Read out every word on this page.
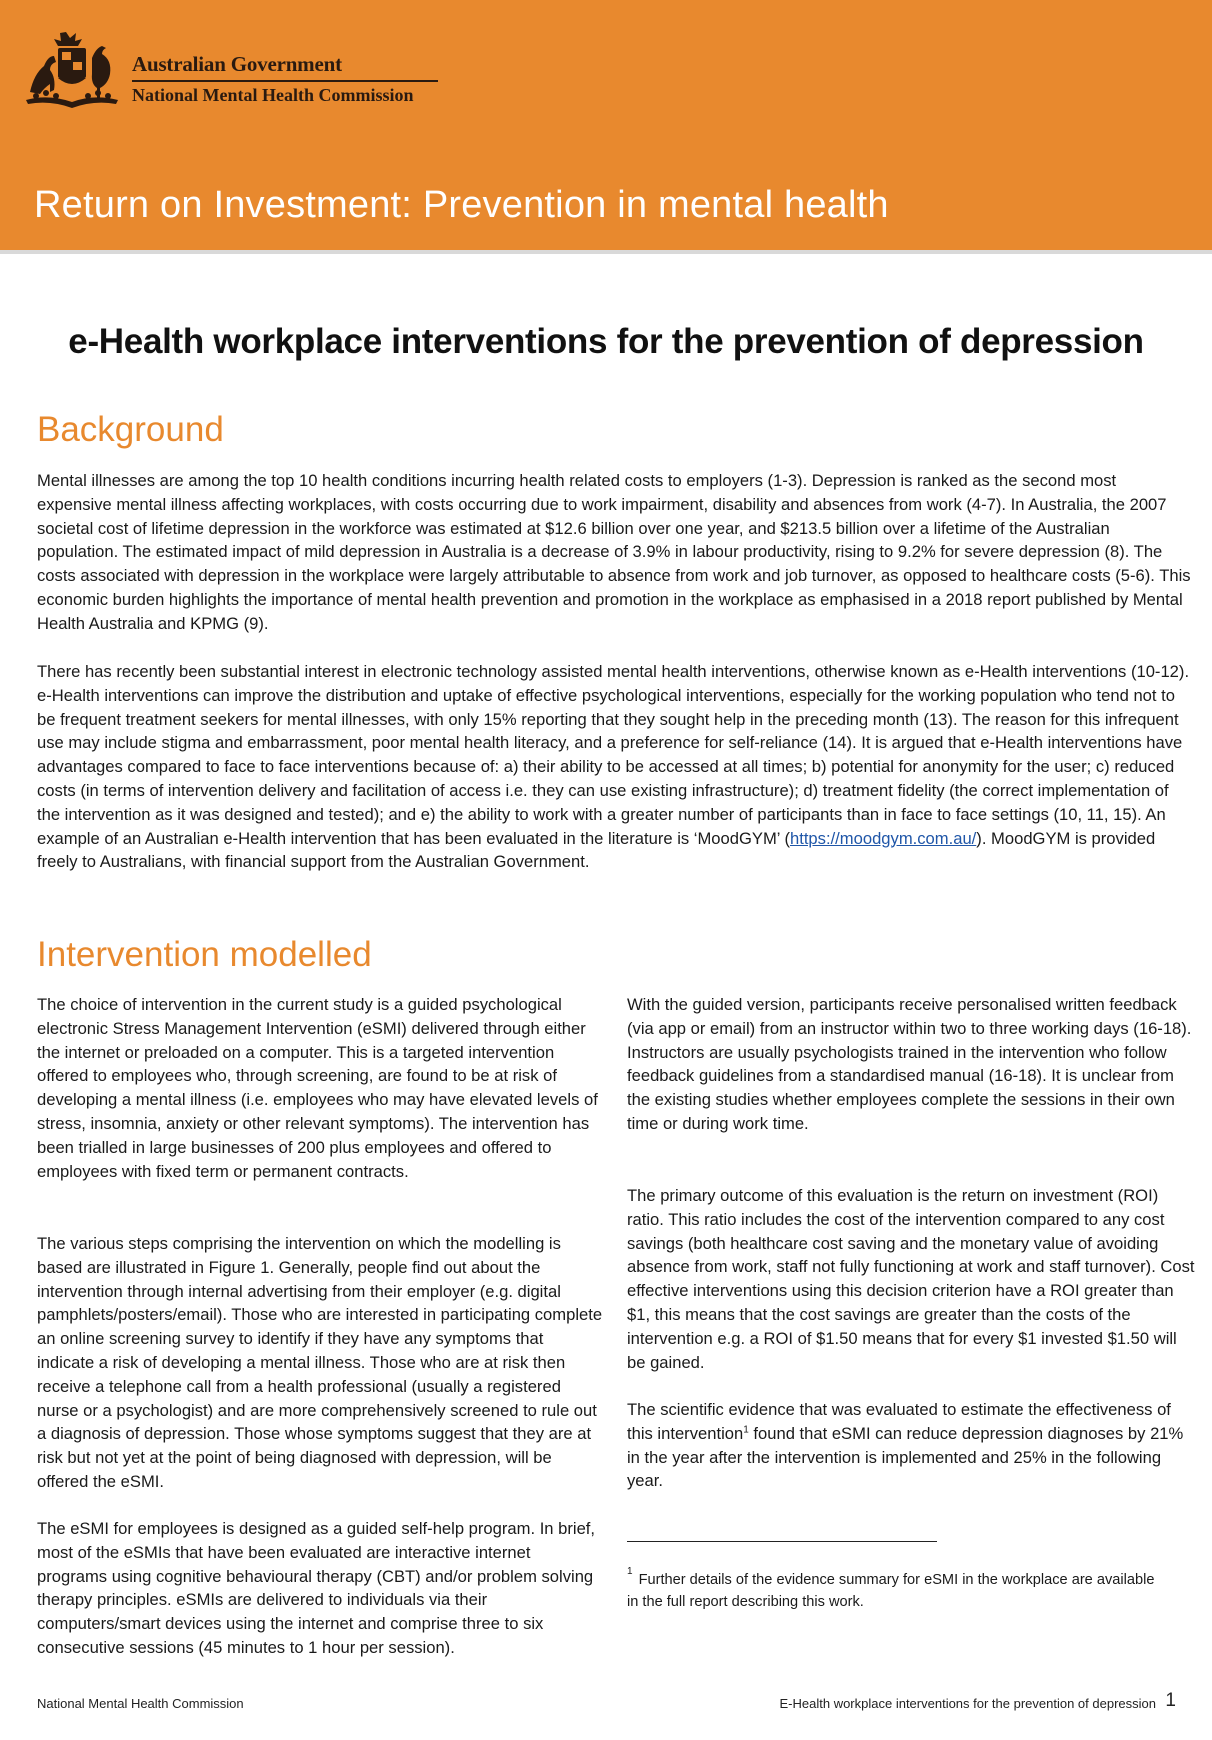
Australian Government
National Mental Health Commission
Return on Investment: Prevention in mental health
e-Health workplace interventions for the prevention of depression
Background

Mental illnesses are among the top 10 health conditions incurring health related costs to employers (1-3). Depression is ranked as the second most expensive mental illness affecting workplaces, with costs occurring due to work impairment, disability and absences from work (4-7). In Australia, the 2007 societal cost of lifetime depression in the workforce was estimated at $12.6 billion over one year, and $213.5 billion over a lifetime of the Australian population. The estimated impact of mild depression in Australia is a decrease of 3.9% in labour productivity, rising to 9.2% for severe depression (8). The costs associated with depression in the workplace were largely attributable to absence from work and job turnover, as opposed to healthcare costs (5-6). This economic burden highlights the importance of mental health prevention and promotion in the workplace as emphasised in a 2018 report published by Mental Health Australia and KPMG (9).

There has recently been substantial interest in electronic technology assisted mental health interventions, otherwise known as e-Health interventions (10-12). e-Health interventions can improve the distribution and uptake of effective psychological interventions, especially for the working population who tend not to be frequent treatment seekers for mental illnesses, with only 15% reporting that they sought help in the preceding month (13). The reason for this infrequent use may include stigma and embarrassment, poor mental health literacy, and a preference for self-reliance (14). It is argued that e-Health interventions have advantages compared to face to face interventions because of: a) their ability to be accessed at all times; b) potential for anonymity for the user; c) reduced costs (in terms of intervention delivery and facilitation of access i.e. they can use existing infrastructure); d) treatment fidelity (the correct implementation of the intervention as it was designed and tested); and e) the ability to work with a greater number of participants than in face to face settings (10, 11, 15). An example of an Australian e-Health intervention that has been evaluated in the literature is ‘MoodGYM’ (https://moodgym.com.au/). MoodGYM is provided freely to Australians, with financial support from the Australian Government.

Intervention modelled

The choice of intervention in the current study is a guided psychological electronic Stress Management Intervention (eSMI) delivered through either the internet or preloaded on a computer. This is a targeted intervention offered to employees who, through screening, are found to be at risk of developing a mental illness (i.e. employees who may have elevated levels of stress, insomnia, anxiety or other relevant symptoms). The intervention has been trialled in large businesses of 200 plus employees and offered to employees with fixed term or permanent contracts.

The various steps comprising the intervention on which the modelling is based are illustrated in Figure 1. Generally, people find out about the intervention through internal advertising from their employer (e.g. digital pamphlets/posters/email). Those who are interested in participating complete an online screening survey to identify if they have any symptoms that indicate a risk of developing a mental illness. Those who are at risk then receive a telephone call from a health professional (usually a registered nurse or a psychologist) and are more comprehensively screened to rule out a diagnosis of depression. Those whose symptoms suggest that they are at risk but not yet at the point of being diagnosed with depression, will be offered the eSMI.

The eSMI for employees is designed as a guided self-help program. In brief, most of the eSMIs that have been evaluated are interactive internet programs using cognitive behavioural therapy (CBT) and/or problem solving therapy principles. eSMIs are delivered to individuals via their computers/smart devices using the internet and comprise three to six consecutive sessions (45 minutes to 1 hour per session).

With the guided version, participants receive personalised written feedback (via app or email) from an instructor within two to three working days (16-18). Instructors are usually psychologists trained in the intervention who follow feedback guidelines from a standardised manual (16-18). It is unclear from the existing studies whether employees complete the sessions in their own time or during work time.

The primary outcome of this evaluation is the return on investment (ROI) ratio. This ratio includes the cost of the intervention compared to any cost savings (both healthcare cost saving and the monetary value of avoiding absence from work, staff not fully functioning at work and staff turnover). Cost effective interventions using this decision criterion have a ROI greater than $1, this means that the cost savings are greater than the costs of the intervention e.g. a ROI of $1.50 means that for every $1 invested $1.50 will be gained.

The scientific evidence that was evaluated to estimate the effectiveness of this intervention$^1$ found that eSMI can reduce depression diagnoses by 21% in the year after the intervention is implemented and 25% in the following year.

$^1$Further details of the evidence summary for eSMI in the workplace are available in the full report describing this work.

National Mental Health Commission	E-Health workplace interventions for the prevention of depression 1
